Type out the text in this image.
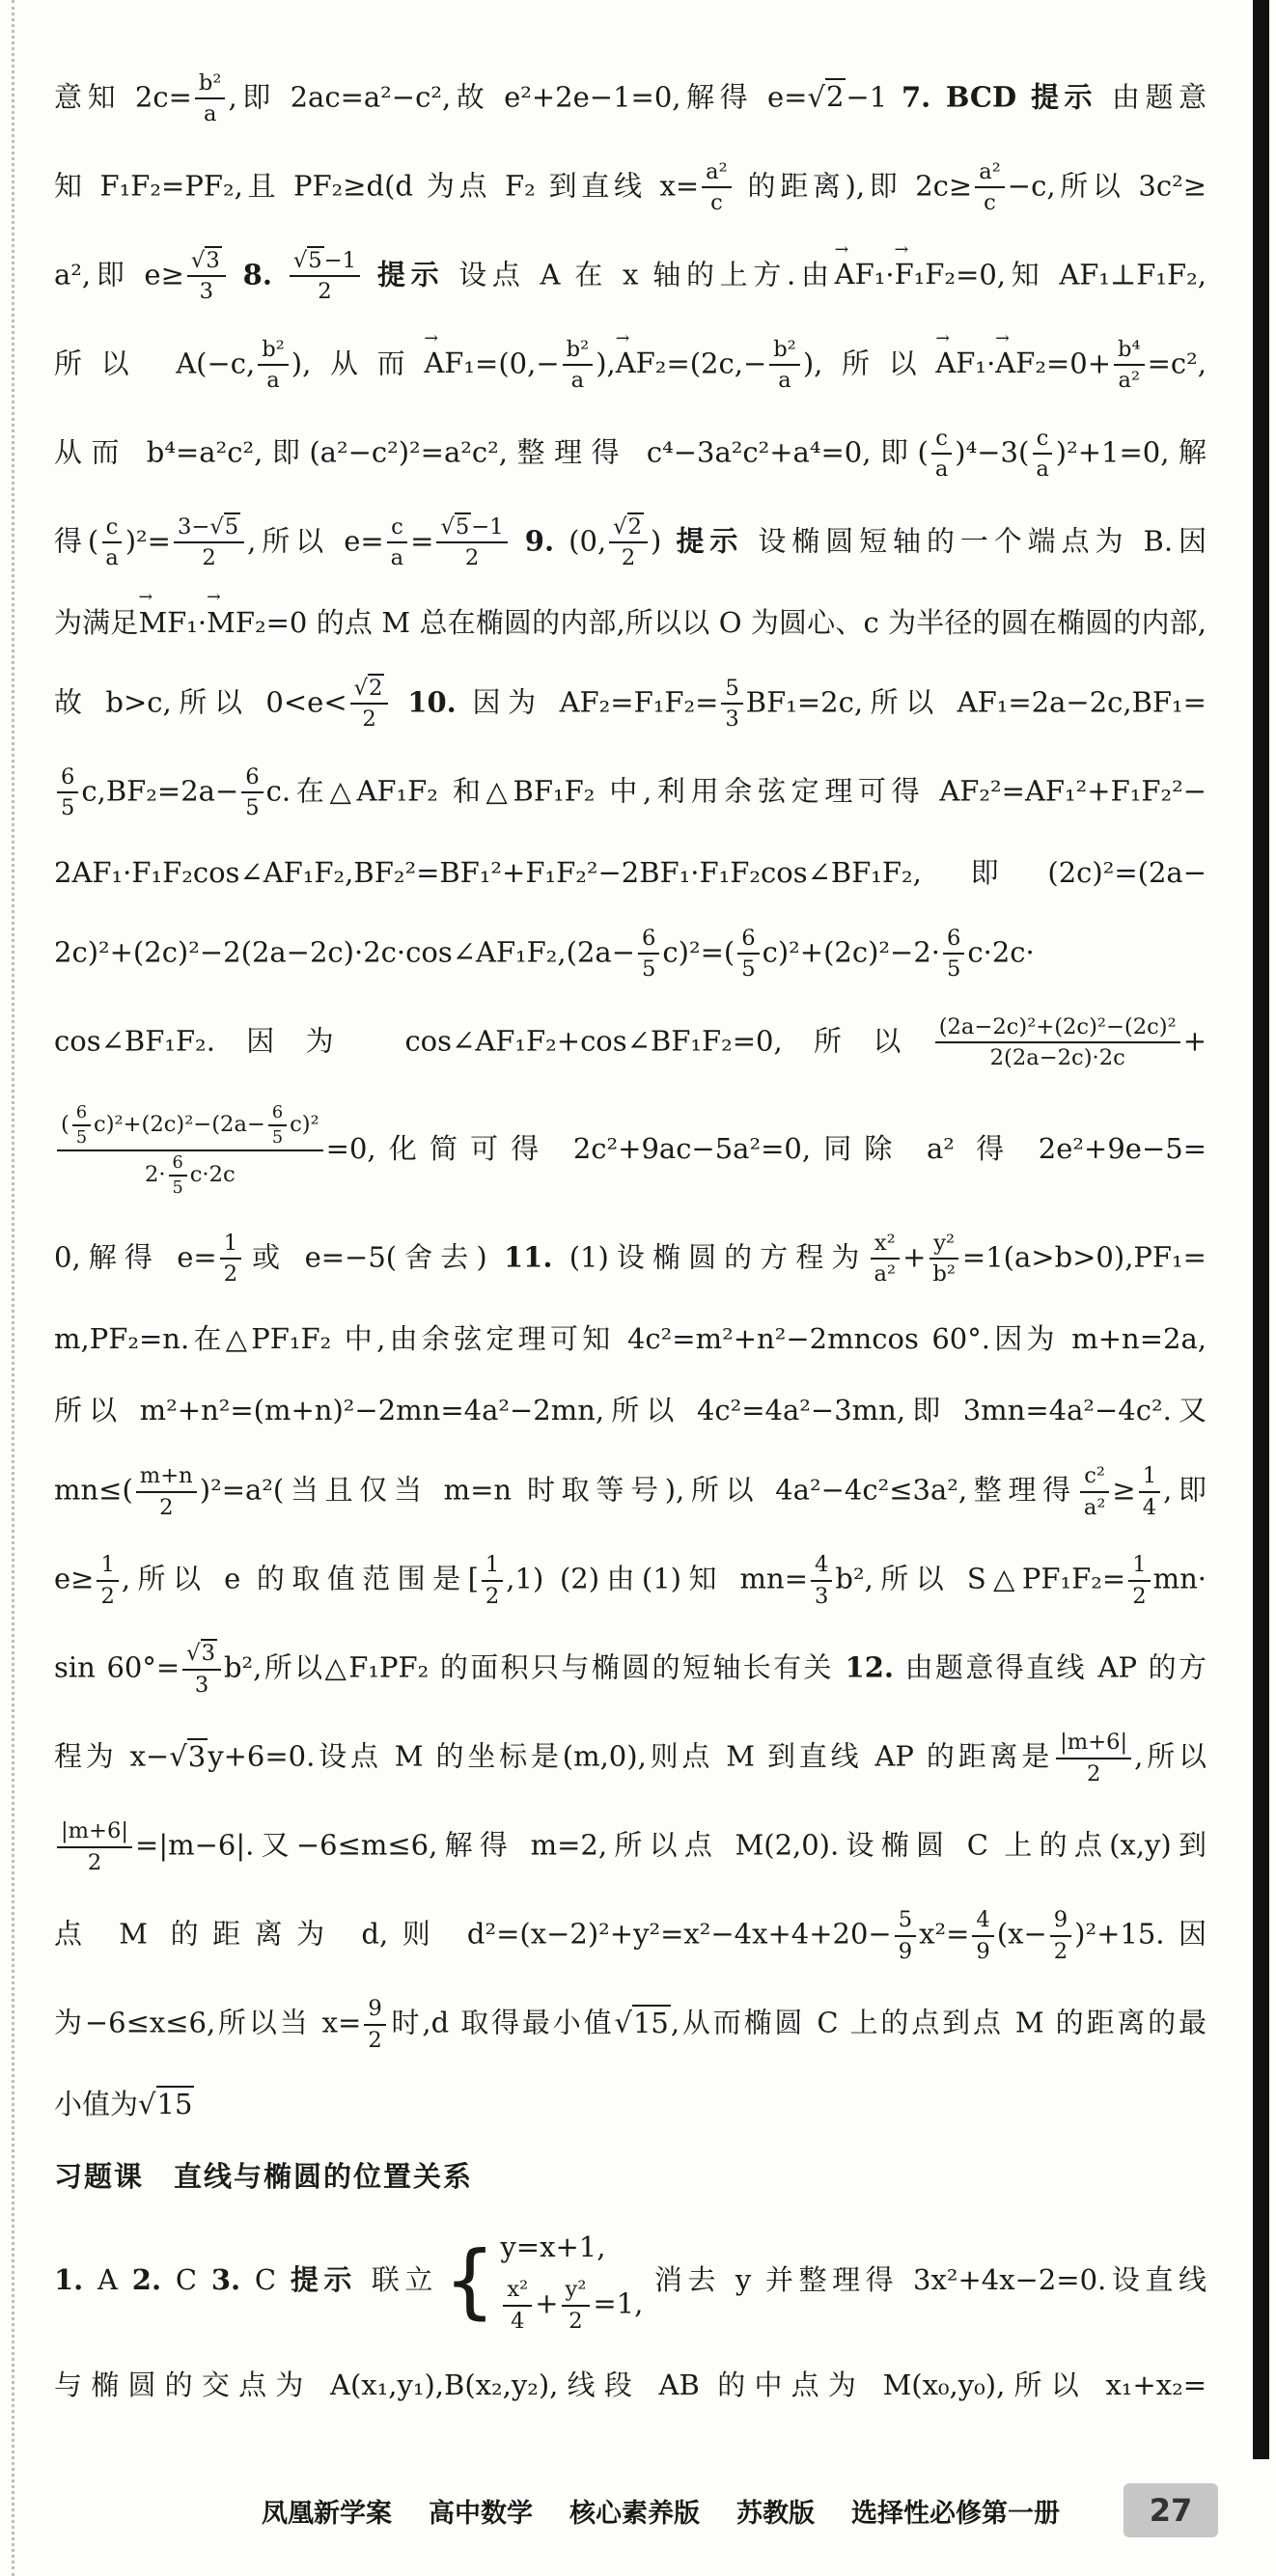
意知 $2c= \frac{\text{b²}}{a}$ ,即 2ac=a²−c²,故 e²+2e−1=0,解得 e=√2−1 7. BCD 提示 由题意
知 F₁F₂=PF₂,且 PF₂≥d(d 为点 F₂ 到直线 $x= \frac{\text{a²}}{c}$ 的距离),即 $2c\ge \frac{\text{a²}}{c} -c$,所以 3c²≥
a²,即 $e\ge \frac{√3}{3} 8$. $\frac{√5-1}{2}$ 提示 设点 A 在 x 轴的上方.由AF₁ →·F₁F₂ →=0,知 AF₁⊥F₁F₂,
所以 A(−c, $\frac{\text{b²}}{a}$ ),从而$AF_1 \to=(0,- \frac{\text{b²}}{a} ),AF_2 \to=(2c,- \frac{\text{b²}}{a}$ ),所以$AF_1 \to\cdot AF_2 \to=0+ \frac{\text{b⁴}}{\text{a²}} =c^2$,
从而 b⁴=a²c²,即(a²−c²)²=a²c²,整理得 c⁴−3a²c²+a⁴=0,即( $\frac{c}{a} )^4-3( \frac{c}{a} )^2+1=0$,解
得( $\frac{c}{a} )^2= \frac{3-√5}{2}$ ,所以 $e= \frac{c}{a} = \frac{√5-1}{2} 9$. (0, $\frac{√2}{2}$ ) 提示 设椭圆短轴的一个端点为 B.因
为满足MF₁ →·MF₂ →=0 的点 M 总在椭圆的内部,所以以 O 为圆心、c 为半径的圆在椭圆的内部,
故 b>c,所以 $0<e< \frac{√2}{2} 10$. 因为 $AF_2=F_1F_2= \frac{5}{3} BF_1=2c$,所以 AF₁=2a−2c,BF₁=
$\frac{6}{5} c,BF_2=2a- \frac{6}{5} c$.在△AF₁F₂ 和△BF₁F₂ 中,利用余弦定理可得 AF₂²=AF₁²+F₁F₂²−
2AF₁·F₁F₂cos∠AF₁F₂,BF₂²=BF₁²+F₁F₂²−2BF₁·F₁F₂cos∠BF₁F₂,即(2c)²=(2a−
2c)²+(2c)²−2(2a−2c)·2c·cos∠AF₁F₂,(2a− $\frac{6}{5} c)^2=( \frac{6}{5} c)^2+(2c)^2-2\cdot \frac{6}{5} c\cdot 2c\cdot$
cos∠BF₁F₂.因为 cos∠AF₁F₂+cos∠BF₁F₂=0,所以 $\frac{\text{(2a−2c)²+(2c)²−(2c)²}}{2(2a-2c)\cdot 2c}$ +
$\frac{( \frac{6}{5} c)^2+(2c)^2-(2a- \frac{6}{5} c)^2}{2\cdot \frac{6}{5} c\cdot 2c} =0$,化简可得 2c²+9ac−5a²=0,同除 a² 得 2e²+9e−5=
0,解得 $e= \frac{1}{2}$ 或 e=−5(舍去) 11. (1)设椭圆的方程为 $\frac{\text{x²}}{\text{a²}} + \frac{\text{y²}}{\text{b²}} =1(a>b>0),PF_1=$
m,PF₂=n.在△PF₁F₂ 中,由余弦定理可知 4c²=m²+n²−2mncos 60°.因为 m+n=2a,
所以 m²+n²=(m+n)²−2mn=4a²−2mn,所以 4c²=4a²−3mn,即 3mn=4a²−4c².又
$mn\le( \frac{m+n}{2} )^2=a^2$(当且仅当 m=n 时取等号),所以 4a²−4c²≤3a²,整理得 $\frac{\text{c²}}{\text{a²}} \ge \frac{1}{4}$ ,即
$e\ge \frac{1}{2}$ ,所以 e 的取值范围是[ $\frac{1}{2} ,1$) (2)由(1)知 $mn= \frac{4}{3} b^2$,所以 S△PF₁F₂= $\frac{1}{2} mn\cdot$
$\sin 60^\circ= \frac{√3}{3} b^2$,所以△F₁PF₂ 的面积只与椭圆的短轴长有关 12. 由题意得直线 AP 的方
程为 x−√3y+6=0.设点 M 的坐标是(m,0),则点 M 到直线 AP 的距离是 $\frac{|m+6|}{2}$ ,所以
$\frac{|m+6|}{2} =|m-6|$.又−6≤m≤6,解得 m=2,所以点 M(2,0).设椭圆 C 上的点(x,y)到
点 M 的距离为 d,则 $d^2=(x-2)^2+y^2=x^2-4x+4+20- \frac{5}{9} x^2= \frac{4}{9} (x- \frac{9}{2} )^2+15$.因
为−6≤x≤6,所以当 $x= \frac{9}{2}$ 时,d 取得最小值√15,从而椭圆 C 上的点到点 M 的距离的最
小值为√15
习题课　直线与椭圆的位置关系
1. A 2. C 3. C 提示 联立 { y=x+1,
$\frac{\text{x²}}{4} + \frac{\text{y²}}{2} =1$,
消去 y 并整理得 3x²+4x−2=0.设直线
与椭圆的交点为 A(x₁,y₁),B(x₂,y₂),线段 AB 的中点为 M(x₀,y₀),所以 x₁+x₂=
凤凰新学案 高中数学 核心素养版 苏教版 选择性必修第一册	27
